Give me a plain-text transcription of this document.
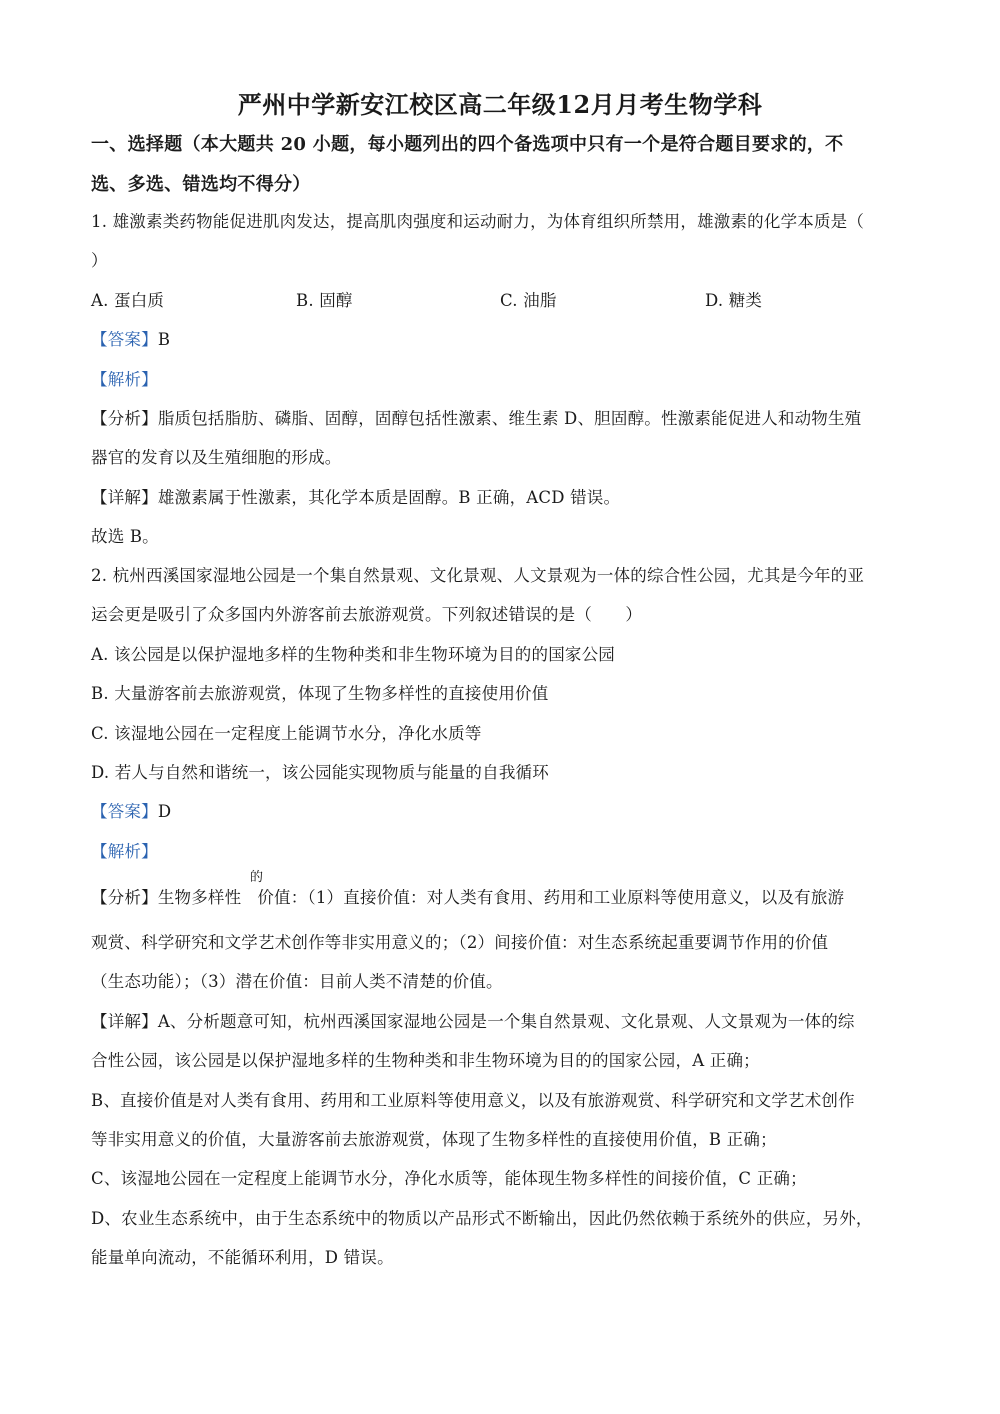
严州中学新安江校区高二年级12月月考生物学科
一、选择题（本大题共 20 小题，每小题列出的四个备选项中只有一个是符合题目要求的，不
选、多选、错选均不得分）
1. 雄激素类药物能促进肌肉发达，提高肌肉强度和运动耐力，为体育组织所禁用，雄激素的化学本质是（
）
A. 蛋白质	B. 固醇	C. 油脂	D. 糖类
【答案】B
【解析】
【分析】脂质包括脂肪、磷脂、固醇，固醇包括性激素、维生素 D、胆固醇。性激素能促进人和动物生殖
器官的发育以及生殖细胞的形成。
【详解】雄激素属于性激素，其化学本质是固醇。B 正确，ACD 错误。
故选 B。
2. 杭州西溪国家湿地公园是一个集自然景观、文化景观、人文景观为一体的综合性公园，尤其是今年的亚
运会更是吸引了众多国内外游客前去旅游观赏。下列叙述错误的是（　　）
A. 该公园是以保护湿地多样的生物种类和非生物环境为目的的国家公园
B. 大量游客前去旅游观赏，体现了生物多样性的直接使用价值
C. 该湿地公园在一定程度上能调节水分，净化水质等
D. 若人与自然和谐统一，该公园能实现物质与能量的自我循环
【答案】D
【解析】
的
【分析】生物多样性 价值：（1）直接价值：对人类有食用、药用和工业原料等使用意义，以及有旅游
观赏、科学研究和文学艺术创作等非实用意义的；（2）间接价值：对生态系统起重要调节作用的价值
（生态功能）；（3）潜在价值：目前人类不清楚的价值。
【详解】A、分析题意可知，杭州西溪国家湿地公园是一个集自然景观、文化景观、人文景观为一体的综
合性公园，该公园是以保护湿地多样的生物种类和非生物环境为目的的国家公园，A 正确；
B、直接价值是对人类有食用、药用和工业原料等使用意义，以及有旅游观赏、科学研究和文学艺术创作
等非实用意义的价值，大量游客前去旅游观赏，体现了生物多样性的直接使用价值，B 正确；
C、该湿地公园在一定程度上能调节水分，净化水质等，能体现生物多样性的间接价值，C 正确；
D、农业生态系统中，由于生态系统中的物质以产品形式不断输出，因此仍然依赖于系统外的供应，另外，
能量单向流动，不能循环利用，D 错误。
